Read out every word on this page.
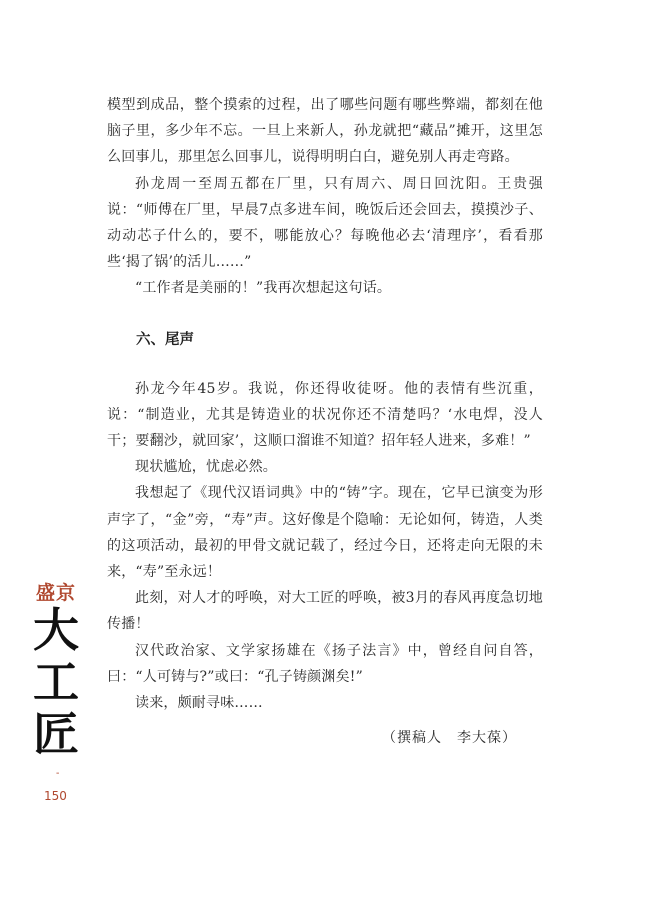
模型到成品，整个摸索的过程，出了哪些问题有哪些弊端，都刻在他脑子里，多少年不忘。一旦上来新人，孙龙就把“藏品”摊开，这里怎么回事儿，那里怎么回事儿，说得明明白白，避免别人再走弯路。

孙龙周一至周五都在厂里，只有周六、周日回沈阳。王贵强说：“师傅在厂里，早晨7点多进车间，晚饭后还会回去，摸摸沙子、动动芯子什么的，要不，哪能放心？每晚他必去‘清理序’，看看那些‘揭了锅’的活儿……”

“工作者是美丽的！”我再次想起这句话。

六、尾声

孙龙今年45岁。我说，你还得收徒呀。他的表情有些沉重，说：“制造业，尤其是铸造业的状况你还不清楚吗？‘水电焊，没人干；要翻沙，就回家’，这顺口溜谁不知道？招年轻人进来，多难！”

现状尴尬，忧虑必然。

我想起了《现代汉语词典》中的“铸”字。现在，它早已演变为形声字了，“金”旁，“寿”声。这好像是个隐喻：无论如何，铸造，人类的这项活动，最初的甲骨文就记载了，经过今日，还将走向无限的未来，“寿”至永远！

此刻，对人才的呼唤，对大工匠的呼唤，被3月的春风再度急切地传播！

汉代政治家、文学家扬雄在《扬子法言》中，曾经自问自答，曰：“人可铸与?”或曰：“孔子铸颜渊矣!”

读来，颇耐寻味……

（撰稿人　李大葆）
盛京
大
工
匠
-
150
